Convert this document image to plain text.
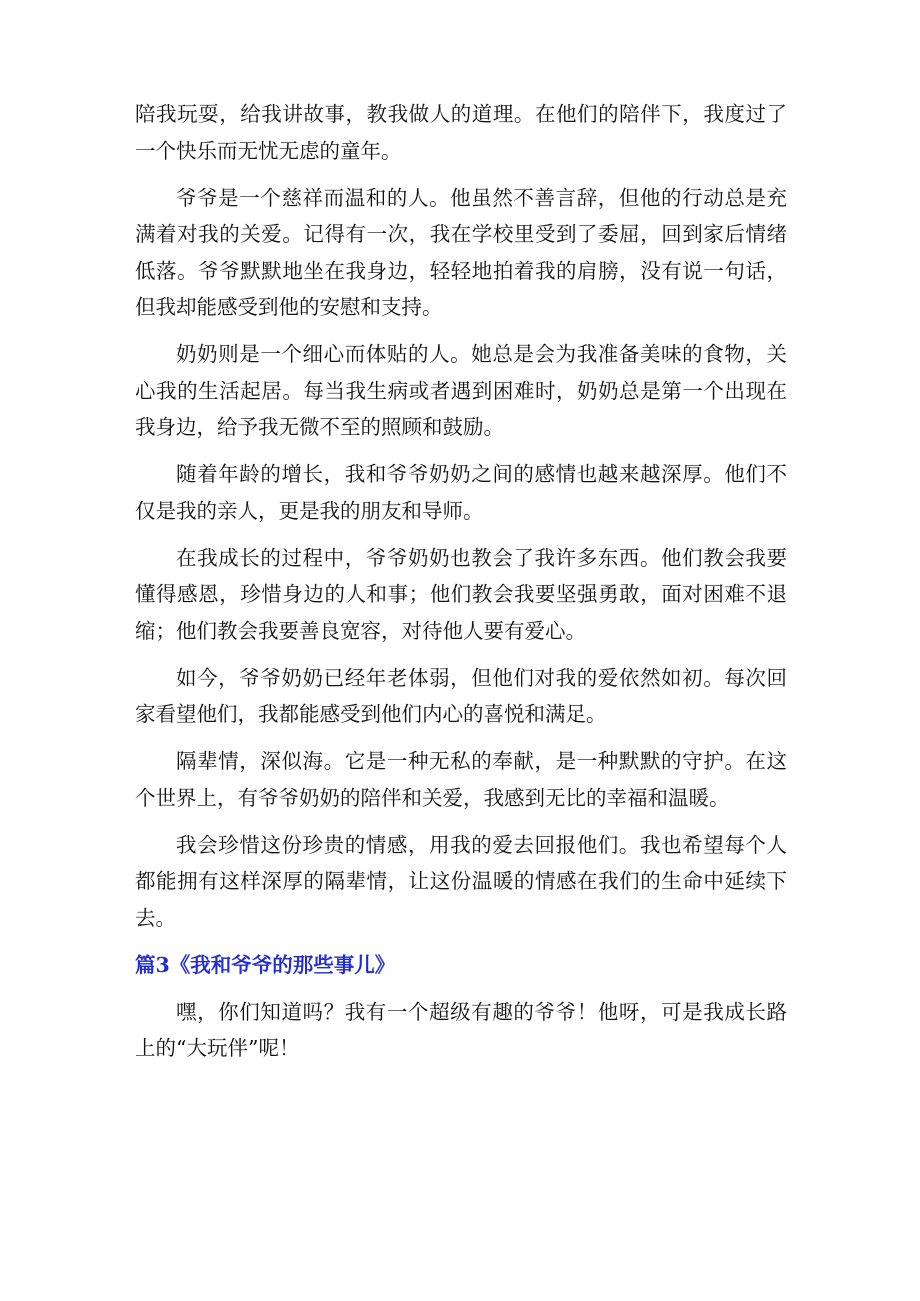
陪我玩耍，给我讲故事，教我做人的道理。在他们的陪伴下，我度过了一个快乐而无忧无虑的童年。

爷爷是一个慈祥而温和的人。他虽然不善言辞，但他的行动总是充满着对我的关爱。记得有一次，我在学校里受到了委屈，回到家后情绪低落。爷爷默默地坐在我身边，轻轻地拍着我的肩膀，没有说一句话，但我却能感受到他的安慰和支持。

奶奶则是一个细心而体贴的人。她总是会为我准备美味的食物，关心我的生活起居。每当我生病或者遇到困难时，奶奶总是第一个出现在我身边，给予我无微不至的照顾和鼓励。

随着年龄的增长，我和爷爷奶奶之间的感情也越来越深厚。他们不仅是我的亲人，更是我的朋友和导师。

在我成长的过程中，爷爷奶奶也教会了我许多东西。他们教会我要懂得感恩，珍惜身边的人和事；他们教会我要坚强勇敢，面对困难不退缩；他们教会我要善良宽容，对待他人要有爱心。

如今，爷爷奶奶已经年老体弱，但他们对我的爱依然如初。每次回家看望他们，我都能感受到他们内心的喜悦和满足。

隔辈情，深似海。它是一种无私的奉献，是一种默默的守护。在这个世界上，有爷爷奶奶的陪伴和关爱，我感到无比的幸福和温暖。

我会珍惜这份珍贵的情感，用我的爱去回报他们。我也希望每个人都能拥有这样深厚的隔辈情，让这份温暖的情感在我们的生命中延续下去。

篇3《我和爷爷的那些事儿》

嘿，你们知道吗？我有一个超级有趣的爷爷！他呀，可是我成长路上的“大玩伴”呢！
